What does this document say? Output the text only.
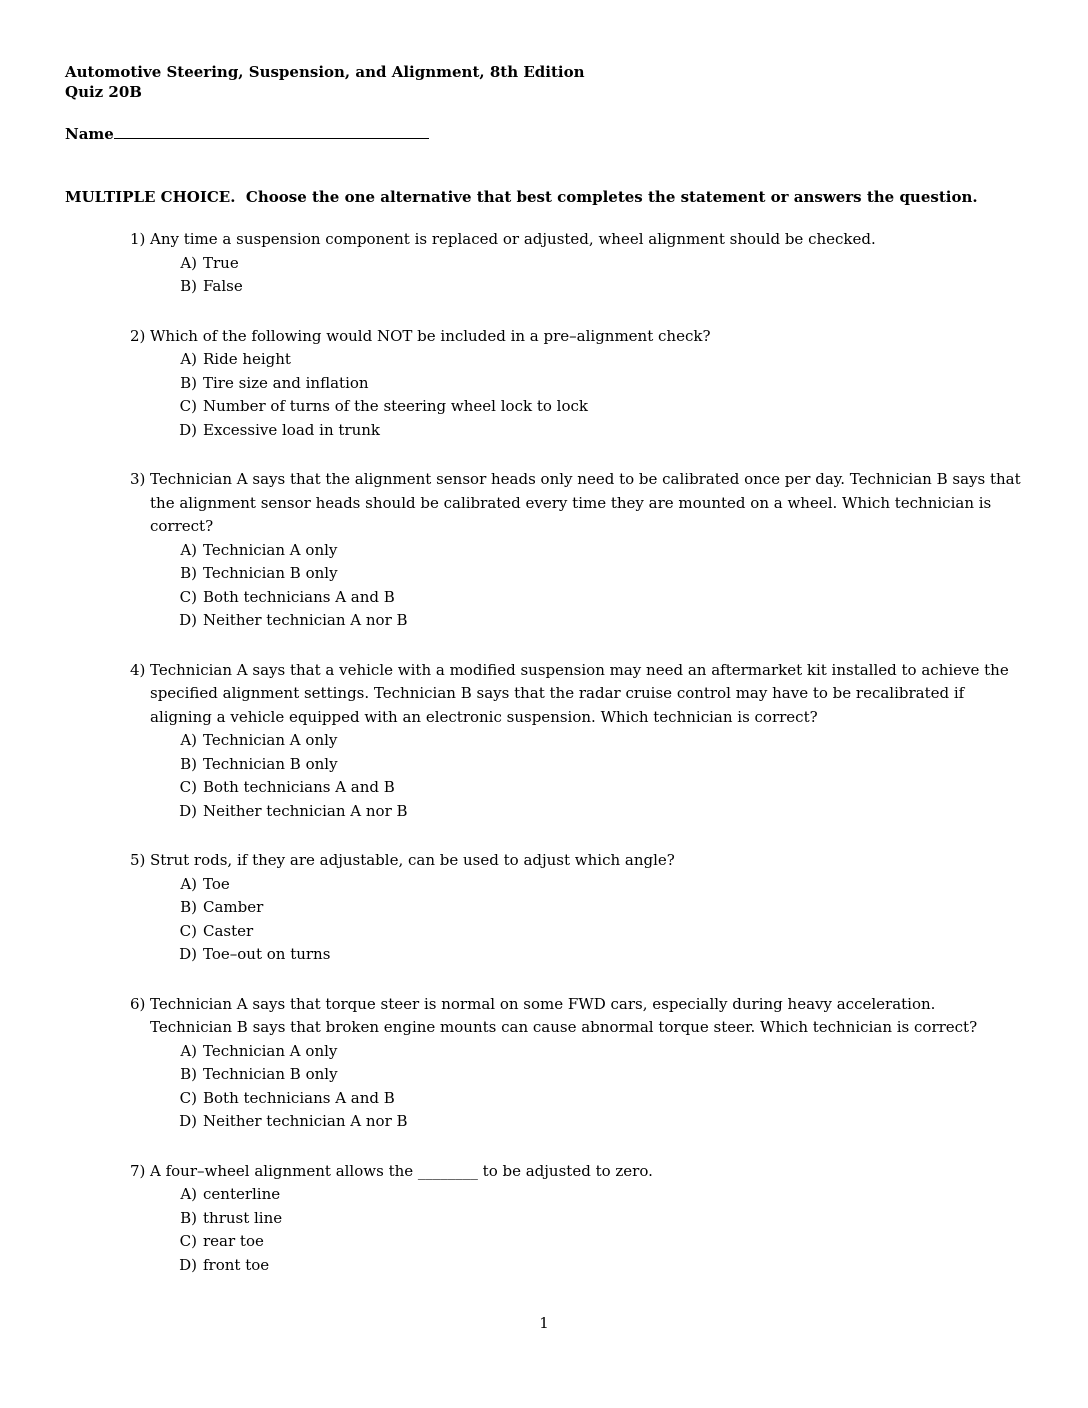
Automotive Steering, Suspension, and Alignment, 8th Edition
Quiz 20B
Name
MULTIPLE CHOICE.  Choose the one alternative that best completes the statement or answers the question.
1) Any time a suspension component is replaced or adjusted, wheel alignment should be checked.
A) True
B) False
2) Which of the following would NOT be included in a pre–alignment check?
A) Ride height
B) Tire size and inflation
C) Number of turns of the steering wheel lock to lock
D) Excessive load in trunk
3) Technician A says that the alignment sensor heads only need to be calibrated once per day. Technician B says that the alignment sensor heads should be calibrated every time they are mounted on a wheel. Which technician is correct?
A) Technician A only
B) Technician B only
C) Both technicians A and B
D) Neither technician A nor B
4) Technician A says that a vehicle with a modified suspension may need an aftermarket kit installed to achieve the specified alignment settings. Technician B says that the radar cruise control may have to be recalibrated if aligning a vehicle equipped with an electronic suspension. Which technician is correct?
A) Technician A only
B) Technician B only
C) Both technicians A and B
D) Neither technician A nor B
5) Strut rods, if they are adjustable, can be used to adjust which angle?
A) Toe
B) Camber
C) Caster
D) Toe–out on turns
6) Technician A says that torque steer is normal on some FWD cars, especially during heavy acceleration. Technician B says that broken engine mounts can cause abnormal torque steer. Which technician is correct?
A) Technician A only
B) Technician B only
C) Both technicians A and B
D) Neither technician A nor B
7) A four–wheel alignment allows the ________ to be adjusted to zero.
A) centerline
B) thrust line
C) rear toe
D) front toe
1
